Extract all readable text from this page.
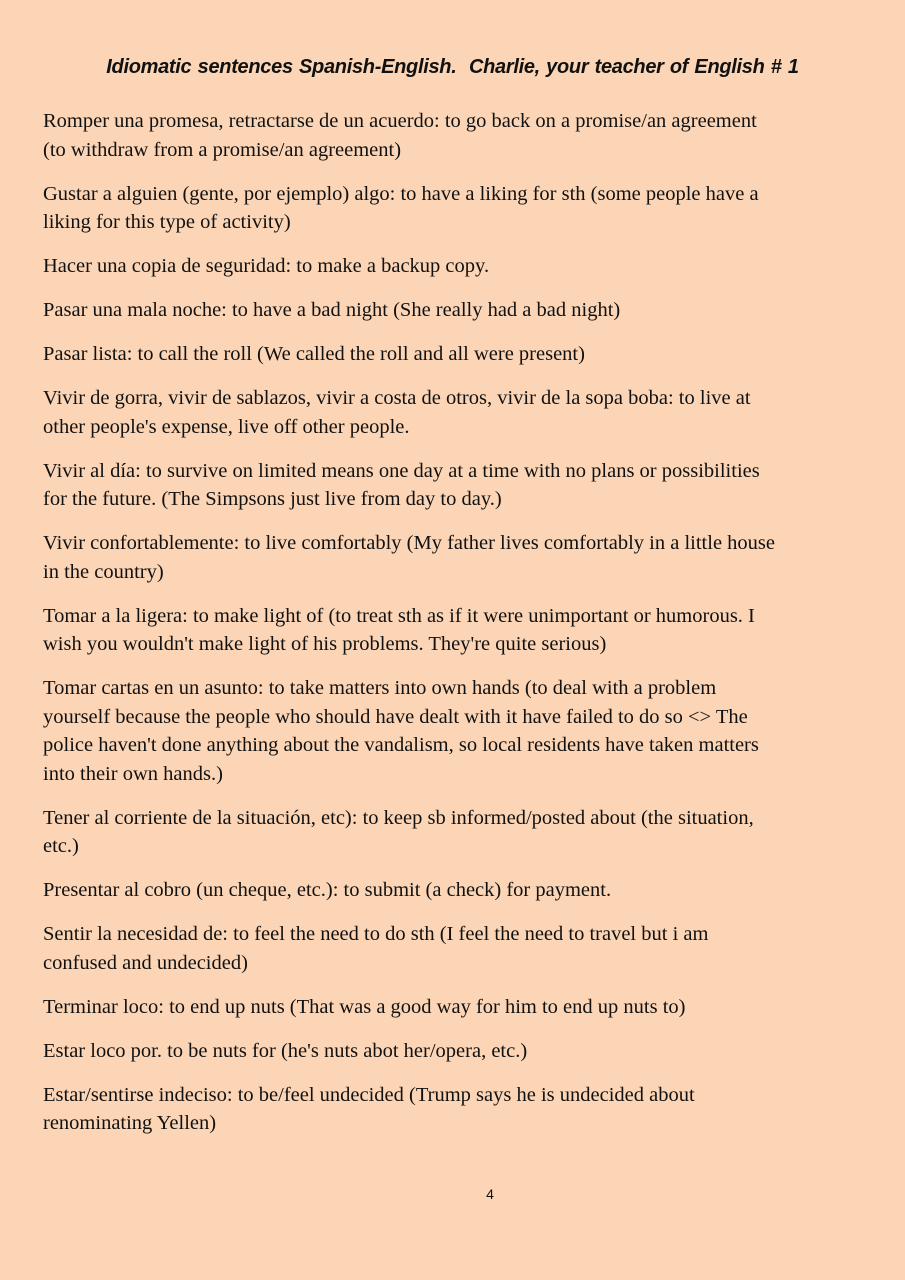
Idiomatic sentences Spanish-English.  Charlie, your teacher of English # 1
Romper una promesa, retractarse de un acuerdo: to go back on a promise/an agreement
(to withdraw from a promise/an agreement)
Gustar a alguien (gente, por ejemplo) algo: to have a liking for sth (some people have a
liking for this type of activity)
Hacer una copia de seguridad: to make a backup copy.
Pasar una mala noche: to have a bad night (She really had a bad night)
Pasar lista: to call the roll (We called the roll and all were present)
Vivir de gorra, vivir de sablazos, vivir a costa de otros, vivir de la sopa boba: to live at
other people's expense, live off other people.
Vivir al día: to survive on limited means one day at a time with no plans or possibilities
for the future. (The Simpsons just live from day to day.)
Vivir confortablemente: to live comfortably (My father lives comfortably in a little house
in the country)
Tomar a la ligera: to make light of (to treat sth as if it were unimportant or humorous. I
wish you wouldn't make light of his problems. They're quite serious)
Tomar cartas en un asunto: to take matters into own hands (to deal with a problem
yourself because the people who should have dealt with it have failed to do so <> The
police haven't done anything about the vandalism, so local residents have taken matters
into their own hands.)
Tener al corriente de la situación, etc): to keep sb informed/posted about (the situation,
etc.)
Presentar al cobro (un cheque, etc.): to submit (a check) for payment.
Sentir la necesidad de: to feel the need to do sth (I feel the need to travel but i am
confused and undecided)
Terminar loco: to end up nuts (That was a good way for him to end up nuts to)
Estar loco por. to be nuts for (he's nuts abot her/opera, etc.)
Estar/sentirse indeciso: to be/feel undecided (Trump says he is undecided about
renominating Yellen)
4
